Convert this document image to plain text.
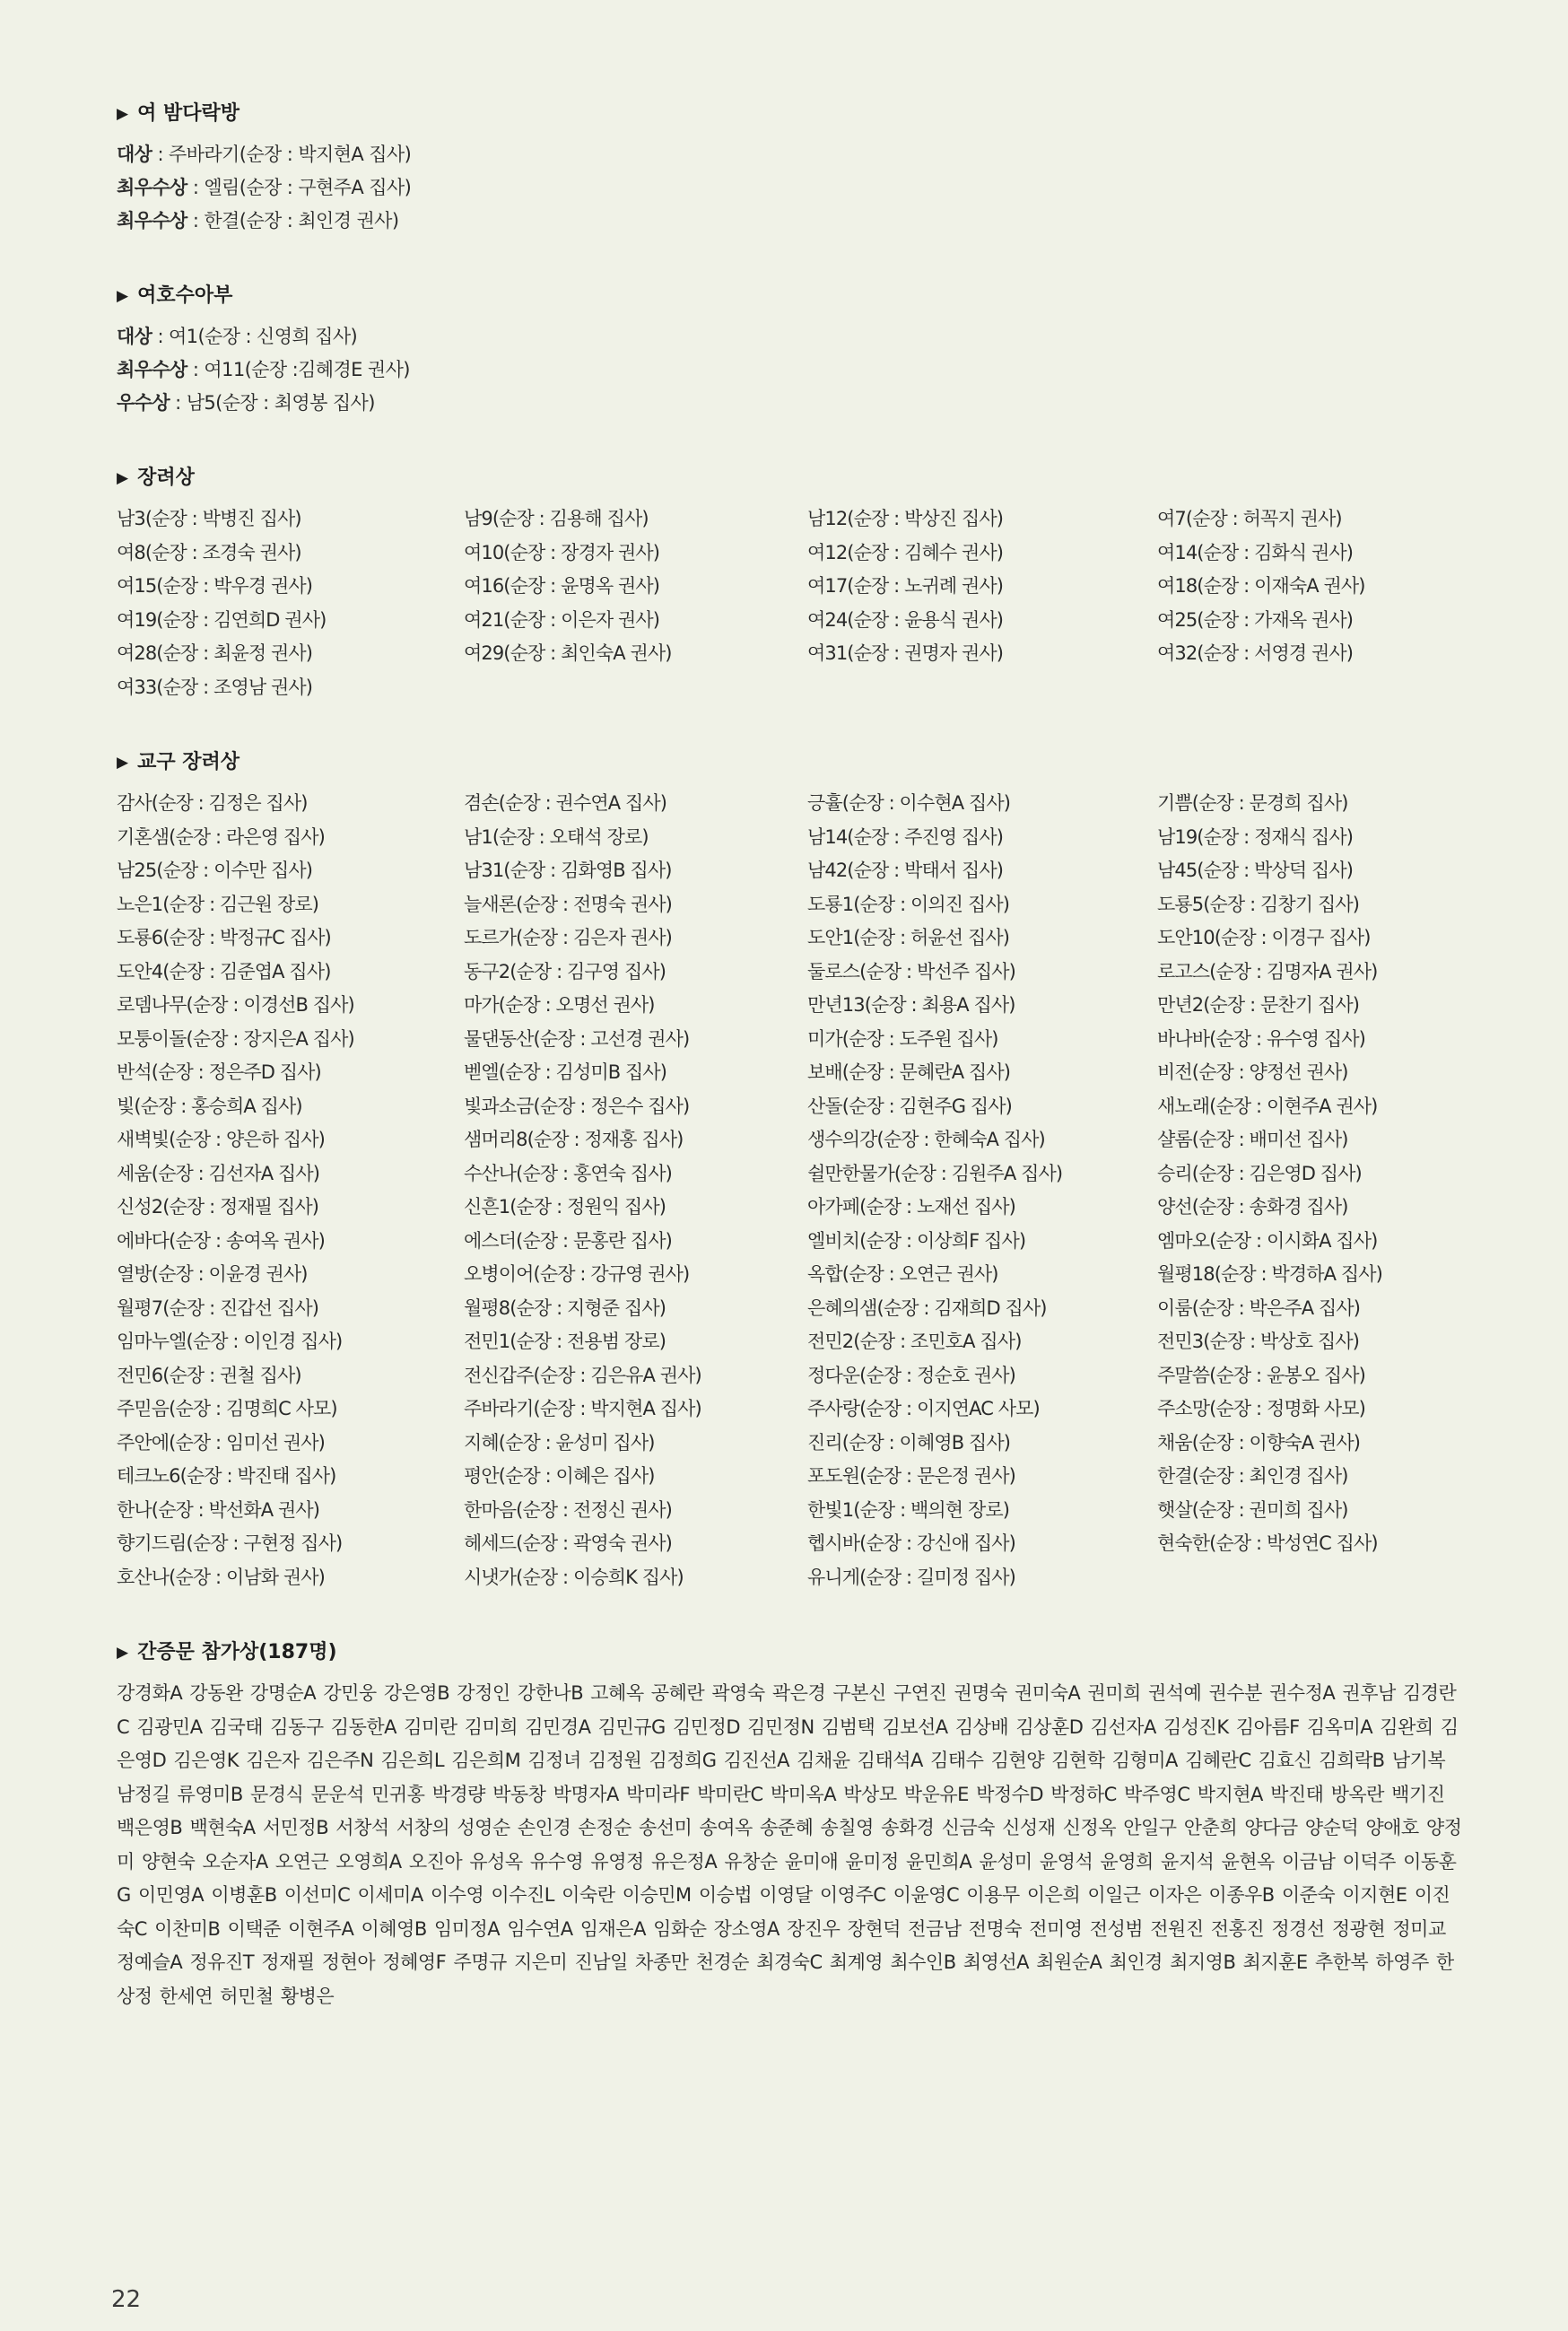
▶ 여 밤다락방
대상 : 주바라기(순장 : 박지현A 집사)
최우수상 : 엘림(순장 : 구현주A 집사)
최우수상 : 한결(순장 : 최인경 권사)
▶ 여호수아부
대상 : 여1(순장 : 신영희 집사)
최우수상 : 여11(순장 :김혜경E 권사)
우수상 : 남5(순장 : 최영봉 집사)
▶ 장려상
남3(순장 : 박병진 집사)	남9(순장 : 김용해 집사)	남12(순장 : 박상진 집사)	여7(순장 : 허꼭지 권사)
여8(순장 : 조경숙 권사)	여10(순장 : 장경자 권사)	여12(순장 : 김혜수 권사)	여14(순장 : 김화식 권사)
여15(순장 : 박우경 권사)	여16(순장 : 윤명옥 권사)	여17(순장 : 노귀례 권사)	여18(순장 : 이재숙A 권사)
여19(순장 : 김연희D 권사)	여21(순장 : 이은자 권사)	여24(순장 : 윤용식 권사)	여25(순장 : 가재옥 권사)
여28(순장 : 최윤정 권사)	여29(순장 : 최인숙A 권사)	여31(순장 : 권명자 권사)	여32(순장 : 서영경 권사)
여33(순장 : 조영남 권사)
▶ 교구 장려상
감사(순장 : 김정은 집사)	겸손(순장 : 권수연A 집사)	긍휼(순장 : 이수현A 집사)	기쁨(순장 : 문경희 집사)
기혼샘(순장 : 라은영 집사)	남1(순장 : 오태석 장로)	남14(순장 : 주진영 집사)	남19(순장 : 정재식 집사)
남25(순장 : 이수만 집사)	남31(순장 : 김화영B 집사)	남42(순장 : 박태서 집사)	남45(순장 : 박상덕 집사)
노은1(순장 : 김근원 장로)	늘새론(순장 : 전명숙 권사)	도룡1(순장 : 이의진 집사)	도룡5(순장 : 김창기 집사)
도룡6(순장 : 박정규C 집사)	도르가(순장 : 김은자 권사)	도안1(순장 : 허윤선 집사)	도안10(순장 : 이경구 집사)
도안4(순장 : 김준엽A 집사)	동구2(순장 : 김구영 집사)	둘로스(순장 : 박선주 집사)	로고스(순장 : 김명자A 권사)
로뎀나무(순장 : 이경선B 집사)	마가(순장 : 오명선 권사)	만년13(순장 : 최용A 집사)	만년2(순장 : 문찬기 집사)
모퉁이돌(순장 : 장지은A 집사)	물댄동산(순장 : 고선경 권사)	미가(순장 : 도주원 집사)	바나바(순장 : 유수영 집사)
반석(순장 : 정은주D 집사)	벧엘(순장 : 김성미B 집사)	보배(순장 : 문혜란A 집사)	비전(순장 : 양정선 권사)
빛(순장 : 홍승희A 집사)	빛과소금(순장 : 정은수 집사)	산돌(순장 : 김현주G 집사)	새노래(순장 : 이현주A 권사)
새벽빛(순장 : 양은하 집사)	샘머리8(순장 : 정재홍 집사)	생수의강(순장 : 한혜숙A 집사)	샬롬(순장 : 배미선 집사)
세움(순장 : 김선자A 집사)	수산나(순장 : 홍연숙 집사)	쉴만한물가(순장 : 김원주A 집사)	승리(순장 : 김은영D 집사)
신성2(순장 : 정재필 집사)	신흔1(순장 : 정원익 집사)	아가페(순장 : 노재선 집사)	양선(순장 : 송화경 집사)
에바다(순장 : 송여옥 권사)	에스더(순장 : 문홍란 집사)	엘비치(순장 : 이상희F 집사)	엠마오(순장 : 이시화A 집사)
열방(순장 : 이윤경 권사)	오병이어(순장 : 강규영 권사)	옥합(순장 : 오연근 권사)	월평18(순장 : 박경하A 집사)
월평7(순장 : 진갑선 집사)	월평8(순장 : 지형준 집사)	은혜의샘(순장 : 김재희D 집사)	이룸(순장 : 박은주A 집사)
임마누엘(순장 : 이인경 집사)	전민1(순장 : 전용범 장로)	전민2(순장 : 조민호A 집사)	전민3(순장 : 박상호 집사)
전민6(순장 : 권철 집사)	전신갑주(순장 : 김은유A 권사)	정다운(순장 : 정순호 권사)	주말씀(순장 : 윤봉오 집사)
주믿음(순장 : 김명희C 사모)	주바라기(순장 : 박지현A 집사)	주사랑(순장 : 이지연AC 사모)	주소망(순장 : 정명화 사모)
주안에(순장 : 임미선 권사)	지혜(순장 : 윤성미 집사)	진리(순장 : 이혜영B 집사)	채움(순장 : 이향숙A 권사)
테크노6(순장 : 박진태 집사)	평안(순장 : 이혜은 집사)	포도원(순장 : 문은정 권사)	한결(순장 : 최인경 집사)
한나(순장 : 박선화A 권사)	한마음(순장 : 전정신 권사)	한빛1(순장 : 백의현 장로)	햇살(순장 : 권미희 집사)
향기드림(순장 : 구현정 집사)	헤세드(순장 : 곽영숙 권사)	헵시바(순장 : 강신애 집사)	현숙한(순장 : 박성연C 집사)
호산나(순장 : 이남화 권사)	시냇가(순장 : 이승희K 집사)	유니게(순장 : 길미정 집사)
▶ 간증문 참가상(187명)

강경화A 강동완 강명순A 강민웅 강은영B 강정인 강한나B 고혜옥 공혜란 곽영숙 곽은경 구본신 구연진 권명숙 권미숙A 권미희 권석예 권수분 권수정A 권후남 김경란C 김광민A 김국태 김동구 김동한A 김미란 김미희 김민경A 김민규G 김민정D 김민정N 김범택 김보선A 김상배 김상훈D 김선자A 김성진K 김아름F 김옥미A 김완희 김은영D 김은영K 김은자 김은주N 김은희L 김은희M 김정녀 김정원 김정희G 김진선A 김채윤 김태석A 김태수 김현양 김현학 김형미A 김혜란C 김효신 김희락B 남기복 남정길 류영미B 문경식 문운석 민귀홍 박경량 박동창 박명자A 박미라F 박미란C 박미옥A 박상모 박운유E 박정수D 박정하C 박주영C 박지현A 박진태 방옥란 백기진 백은영B 백현숙A 서민정B 서창석 서창의 성영순 손인경 손정순 송선미 송여옥 송준혜 송칠영 송화경 신금숙 신성재 신정옥 안일구 안춘희 양다금 양순덕 양애호 양정미 양현숙 오순자A 오연근 오영희A 오진아 유성옥 유수영 유영정 유은정A 유창순 윤미애 윤미정 윤민희A 윤성미 윤영석 윤영희 윤지석 윤현옥 이금남 이덕주 이동훈G 이민영A 이병훈B 이선미C 이세미A 이수영 이수진L 이숙란 이승민M 이승법 이영달 이영주C 이윤영C 이용무 이은희 이일근 이자은 이종우B 이준숙 이지현E 이진숙C 이찬미B 이택준 이현주A 이혜영B 임미정A 임수연A 임재은A 임화순 장소영A 장진우 장현덕 전금남 전명숙 전미영 전성범 전원진 전홍진 정경선 정광현 정미교 정예슬A 정유진T 정재필 정현아 정혜영F 주명규 지은미 진남일 차종만 천경순 최경숙C 최계영 최수인B 최영선A 최원순A 최인경 최지영B 최지훈E 추한복 하영주 한상정 한세연 허민철 황병은

22
